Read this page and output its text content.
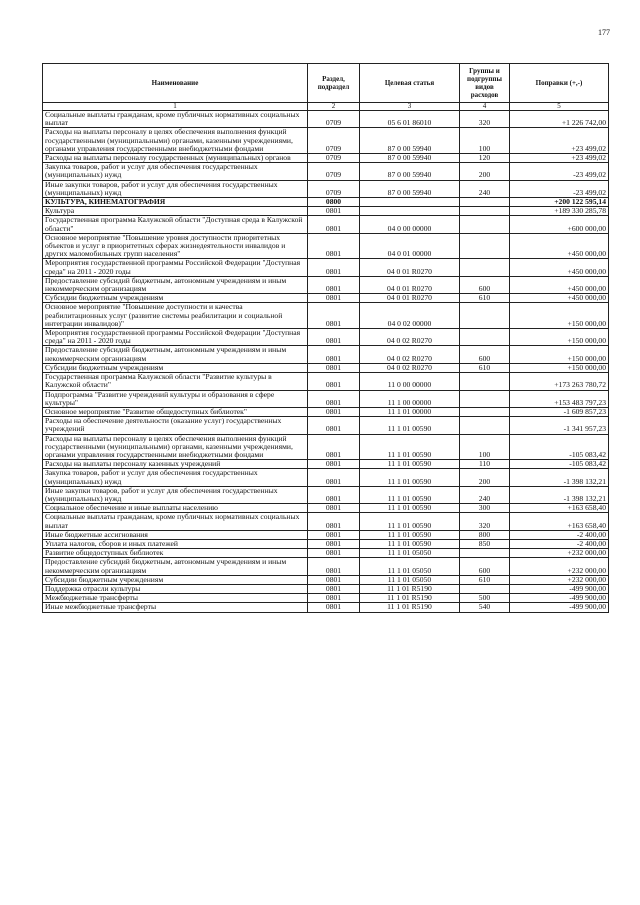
177
Наименование	Раздел, подраздел	Целевая статья	Группы и подгруппы видов расходов	Поправки (+,-)
1	2	3	4	5
Социальные выплаты гражданам, кроме публичных нормативных социальных выплат	0709	05 6 01 86010	320	+1 226 742,00
Расходы на выплаты персоналу в целях обеспечения выполнения функций государственными (муниципальными) органами, казенными учреждениями, органами управления государственными внебюджетными фондами	0709	87 0 00 59940	100	+23 499,02
Расходы на выплаты персоналу государственных (муниципальных) органов	0709	87 0 00 59940	120	+23 499,02
Закупка товаров, работ и услуг для обеспечения государственных (муниципальных) нужд	0709	87 0 00 59940	200	-23 499,02
Иные закупки товаров, работ и услуг для обеспечения государственных (муниципальных) нужд	0709	87 0 00 59940	240	-23 499,02
КУЛЬТУРА, КИНЕМАТОГРАФИЯ	0800			+200 122 595,14
Культура	0801			+189 330 285,78
Государственная программа Калужской области "Доступная среда в Калужской области"	0801	04 0 00 00000		+600 000,00
Основное мероприятие "Повышение уровня доступности приоритетных объектов и услуг в приоритетных сферах жизнедеятельности инвалидов и других маломобильных групп населения"	0801	04 0 01 00000		+450 000,00
Мероприятия государственной программы Российской Федерации "Доступная среда" на 2011 - 2020 годы	0801	04 0 01 R0270		+450 000,00
Предоставление субсидий бюджетным, автономным учреждениям и иным некоммерческим организациям	0801	04 0 01 R0270	600	+450 000,00
Субсидии бюджетным учреждениям	0801	04 0 01 R0270	610	+450 000,00
Основное мероприятие "Повышение доступности и качества реабилитационных услуг (развитие системы реабилитации и социальной интеграции инвалидов)"	0801	04 0 02 00000		+150 000,00
Мероприятия государственной программы Российской Федерации "Доступная среда" на 2011 - 2020 годы	0801	04 0 02 R0270		+150 000,00
Предоставление субсидий бюджетным, автономным учреждениям и иным некоммерческим организациям	0801	04 0 02 R0270	600	+150 000,00
Субсидии бюджетным учреждениям	0801	04 0 02 R0270	610	+150 000,00
Государственная программа Калужской области "Развитие культуры в Калужской области"	0801	11 0 00 00000		+173 263 780,72
Подпрограмма "Развитие учреждений культуры и образования в сфере культуры"	0801	11 1 00 00000		+153 483 797,23
Основное мероприятие "Развитие общедоступных библиотек"	0801	11 1 01 00000		-1 609 857,23
Расходы на обеспечение деятельности (оказание услуг) государственных учреждений	0801	11 1 01 00590		-1 341 957,23
Расходы на выплаты персоналу в целях обеспечения выполнения функций государственными (муниципальными) органами, казенными учреждениями, органами управления государственными внебюджетными фондами	0801	11 1 01 00590	100	-105 083,42
Расходы на выплаты персоналу казенных учреждений	0801	11 1 01 00590	110	-105 083,42
Закупка товаров, работ и услуг для обеспечения государственных (муниципальных) нужд	0801	11 1 01 00590	200	-1 398 132,21
Иные закупки товаров, работ и услуг для обеспечения государственных (муниципальных) нужд	0801	11 1 01 00590	240	-1 398 132,21
Социальное обеспечение и иные выплаты населению	0801	11 1 01 00590	300	+163 658,40
Социальные выплаты гражданам, кроме публичных нормативных социальных выплат	0801	11 1 01 00590	320	+163 658,40
Иные бюджетные ассигнования	0801	11 1 01 00590	800	-2 400,00
Уплата налогов, сборов и иных платежей	0801	11 1 01 00590	850	-2 400,00
Развитие общедоступных библиотек	0801	11 1 01 05050		+232 000,00
Предоставление субсидий бюджетным, автономным учреждениям и иным некоммерческим организациям	0801	11 1 01 05050	600	+232 000,00
Субсидии бюджетным учреждениям	0801	11 1 01 05050	610	+232 000,00
Поддержка отрасли культуры	0801	11 1 01 R5190		-499 900,00
Межбюджетные трансферты	0801	11 1 01 R5190	500	-499 900,00
Иные межбюджетные трансферты	0801	11 1 01 R5190	540	-499 900,00
